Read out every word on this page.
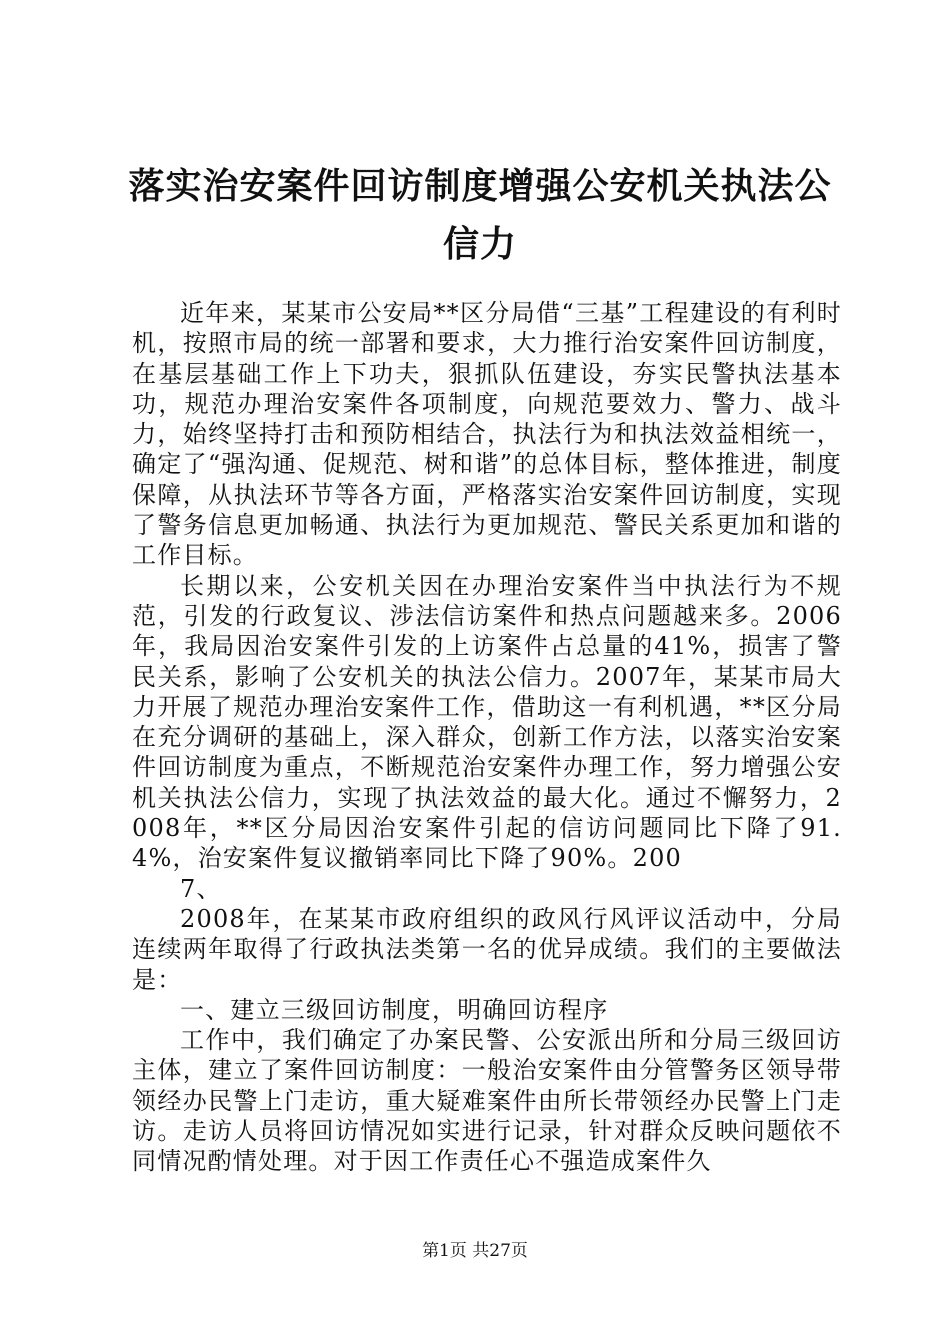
落实治安案件回访制度增强公安机关执法公信力

近年来，某某市公安局**区分局借“三基”工程建设的有利时机，按照市局的统一部署和要求，大力推行治安案件回访制度，在基层基础工作上下功夫，狠抓队伍建设，夯实民警执法基本功，规范办理治安案件各项制度，向规范要效力、警力、战斗力，始终坚持打击和预防相结合，执法行为和执法效益相统一，确定了“强沟通、促规范、树和谐”的总体目标，整体推进，制度保障，从执法环节等各方面，严格落实治安案件回访制度，实现了警务信息更加畅通、执法行为更加规范、警民关系更加和谐的工作目标。

长期以来，公安机关因在办理治安案件当中执法行为不规范，引发的行政复议、涉法信访案件和热点问题越来多。2006年，我局因治安案件引发的上访案件占总量的41%，损害了警民关系，影响了公安机关的执法公信力。2007年，某某市局大力开展了规范办理治安案件工作，借助这一有利机遇，**区分局在充分调研的基础上，深入群众，创新工作方法，以落实治安案件回访制度为重点，不断规范治安案件办理工作，努力增强公安机关执法公信力，实现了执法效益的最大化。通过不懈努力，2008年，**区分局因治安案件引起的信访问题同比下降了91.4%，治安案件复议撤销率同比下降了90%。200

7、

2008年，在某某市政府组织的政风行风评议活动中，分局连续两年取得了行政执法类第一名的优异成绩。我们的主要做法是：

一、建立三级回访制度，明确回访程序

工作中，我们确定了办案民警、公安派出所和分局三级回访主体，建立了案件回访制度：一般治安案件由分管警务区领导带领经办民警上门走访，重大疑难案件由所长带领经办民警上门走访。走访人员将回访情况如实进行记录，针对群众反映问题依不同情况酌情处理。对于因工作责任心不强造成案件久

第1页 共27页
